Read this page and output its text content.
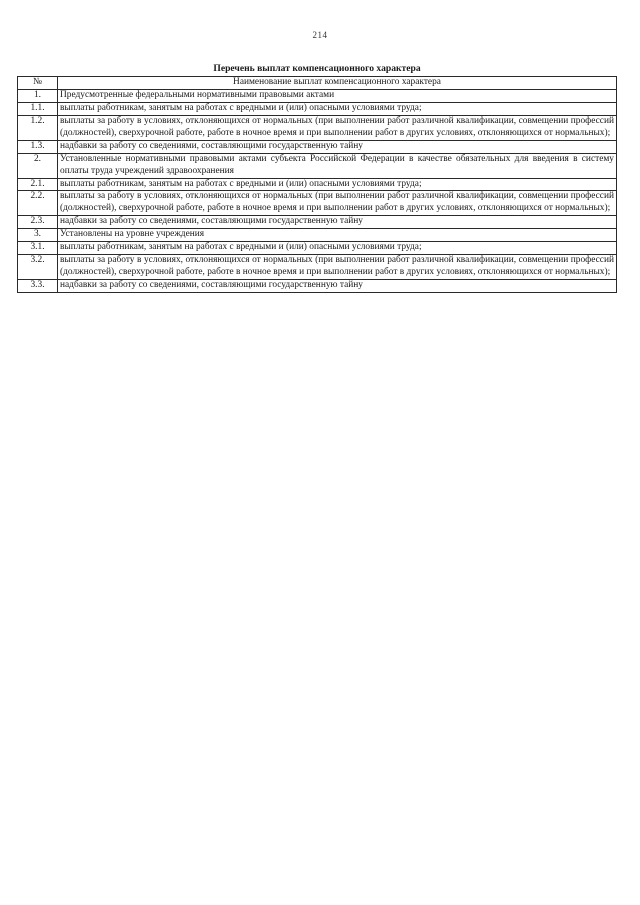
214
Перечень выплат компенсационного характера
№	Наименование выплат компенсационного характера
1.	Предусмотренные федеральными нормативными правовыми актами
1.1.	выплаты работникам, занятым на работах с вредными и (или) опасными условиями труда;
1.2.	выплаты за работу в условиях, отклоняющихся от нормальных (при выполнении работ различной квалификации, совмещении профессий (должностей), сверхурочной работе, работе в ночное время и при выполнении работ в других условиях, отклоняющихся от нормальных);
1.3.	надбавки за работу со сведениями, составляющими государственную тайну
2.	Установленные нормативными правовыми актами субъекта Российской Федерации в качестве обязательных для введения в систему оплаты труда учреждений здравоохранения
2.1.	выплаты работникам, занятым на работах с вредными и (или) опасными условиями труда;
2.2.	выплаты за работу в условиях, отклоняющихся от нормальных (при выполнении работ различной квалификации, совмещении профессий (должностей), сверхурочной работе, работе в ночное время и при выполнении работ в других условиях, отклоняющихся от нормальных);
2.3.	надбавки за работу со сведениями, составляющими государственную тайну
3.	Установлены на уровне учреждения
3.1.	выплаты работникам, занятым на работах с вредными и (или) опасными условиями труда;
3.2.	выплаты за работу в условиях, отклоняющихся от нормальных (при выполнении работ различной квалификации, совмещении профессий (должностей), сверхурочной работе, работе в ночное время и при выполнении работ в других условиях, отклоняющихся от нормальных);
3.3.	надбавки за работу со сведениями, составляющими государственную тайну
